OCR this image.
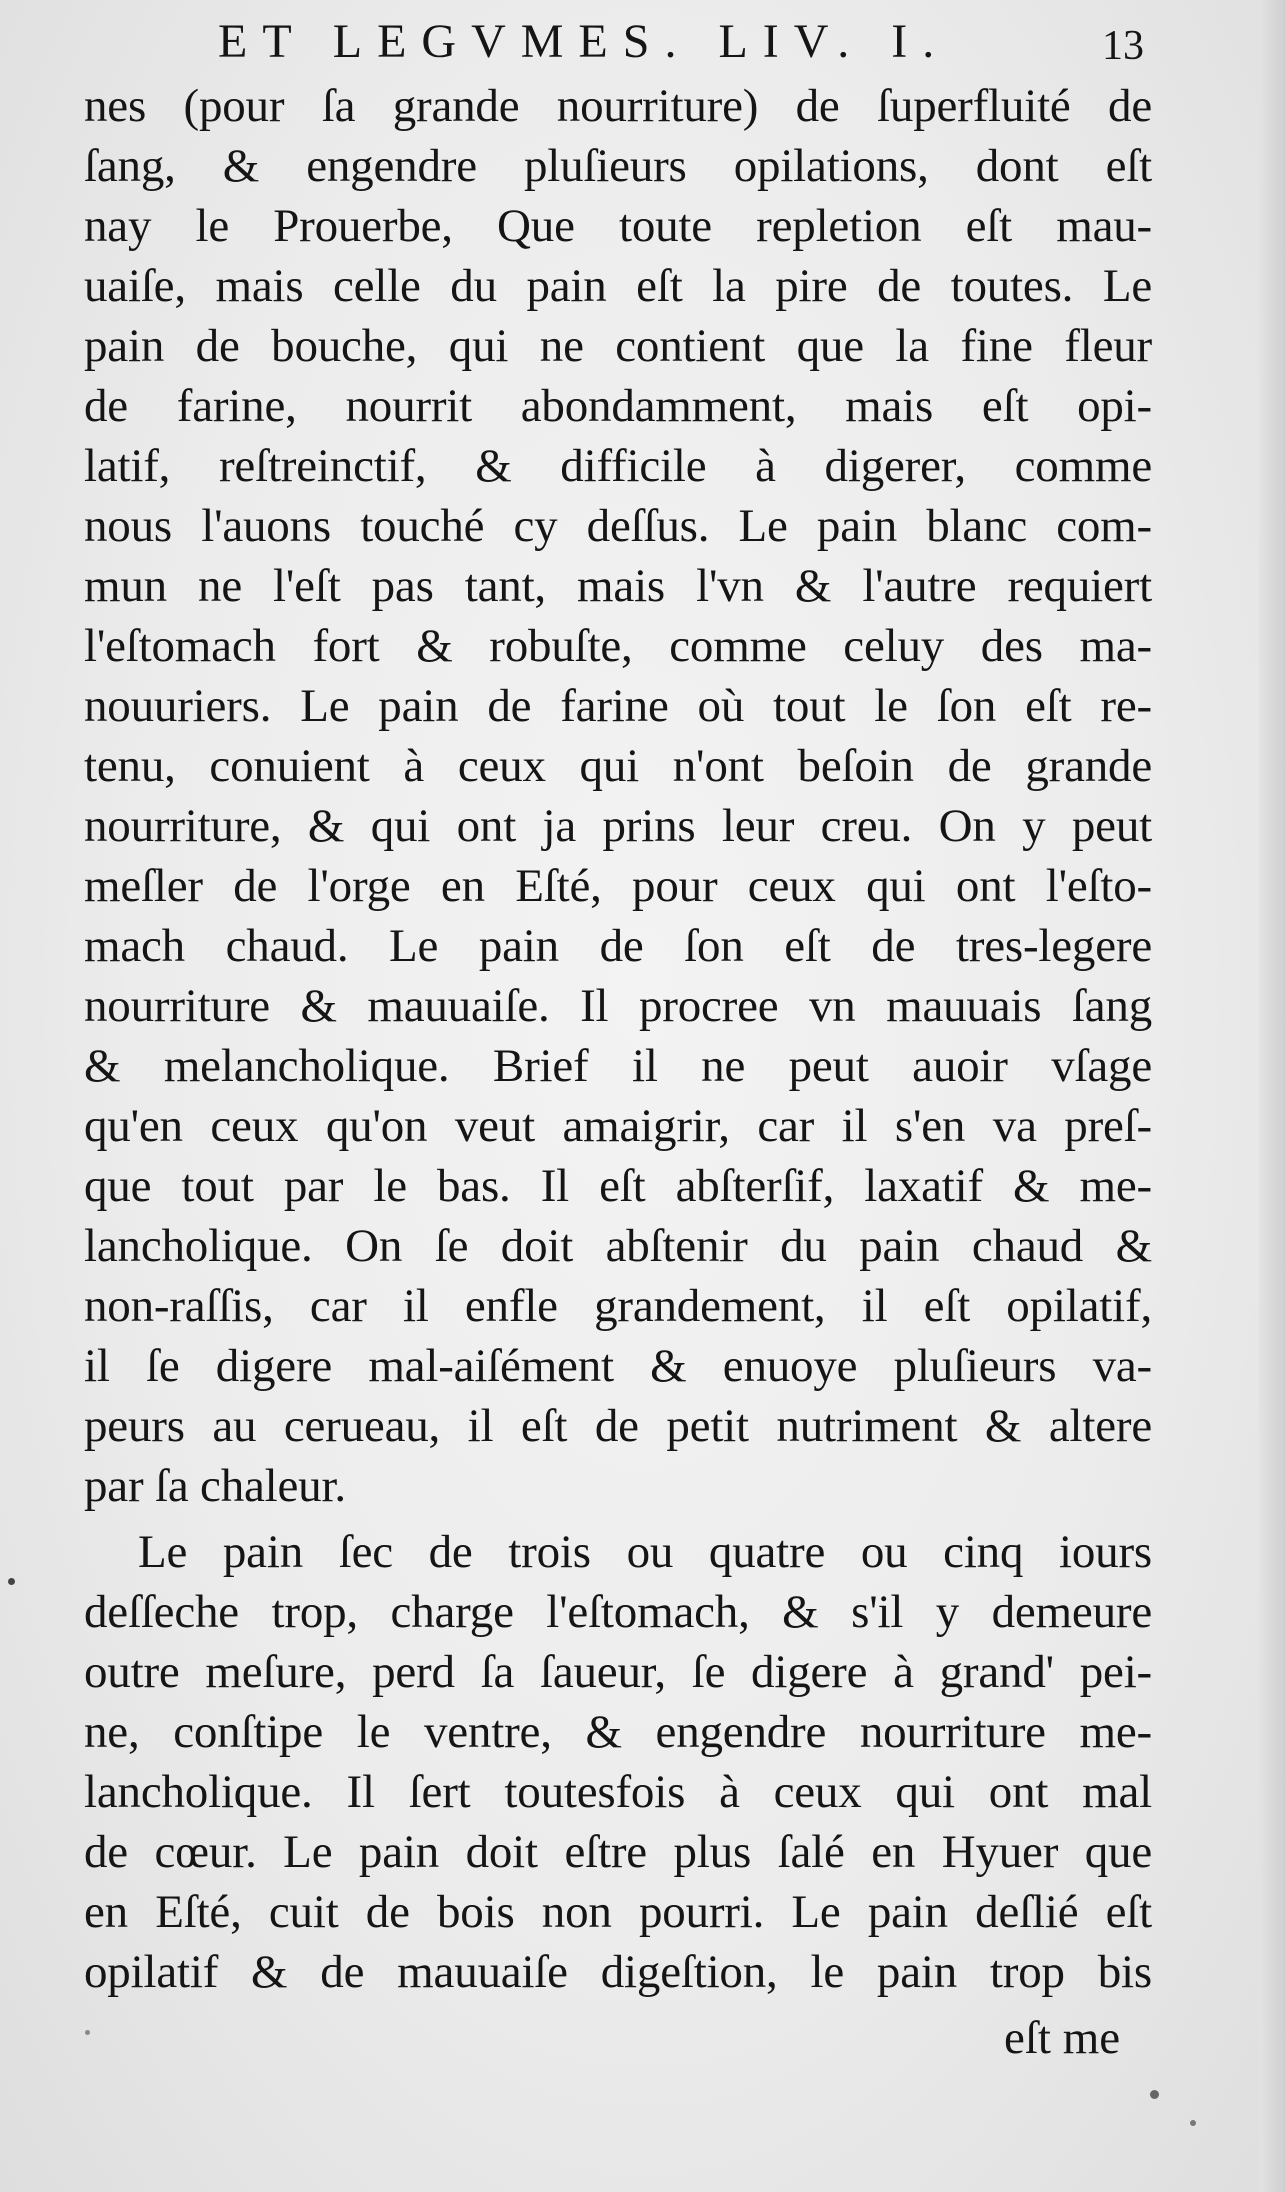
ET LEGVMES. LIV. I.	13
nes (pour ſa grande nourriture) de ſuperfluité de
ſang, & engendre pluſieurs opilations, dont eſt
nay le Prouerbe, Que toute repletion eſt mau-
uaiſe, mais celle du pain eſt la pire de toutes. Le
pain de bouche, qui ne contient que la fine fleur
de farine, nourrit abondamment, mais eſt opi-
latif, reſtreinctif, & difficile à digerer, comme
nous l'auons touché cy deſſus. Le pain blanc com-
mun ne l'eſt pas tant, mais l'vn & l'autre requiert
l'eſtomach fort & robuſte, comme celuy des ma-
nouuriers. Le pain de farine où tout le ſon eſt re-
tenu, conuient à ceux qui n'ont beſoin de grande
nourriture, & qui ont ja prins leur creu. On y peut
meſler de l'orge en Eſté, pour ceux qui ont l'eſto-
mach chaud. Le pain de ſon eſt de tres-legere
nourriture & mauuaiſe. Il procree vn mauuais ſang
& melancholique. Brief il ne peut auoir vſage
qu'en ceux qu'on veut amaigrir, car il s'en va preſ-
que tout par le bas. Il eſt abſterſif, laxatif & me-
lancholique. On ſe doit abſtenir du pain chaud &
non-raſſis, car il enfle grandement, il eſt opilatif,
il ſe digere mal-aiſément & enuoye pluſieurs va-
peurs au cerueau, il eſt de petit nutriment & altere
par ſa chaleur.
Le pain ſec de trois ou quatre ou cinq iours
deſſeche trop, charge l'eſtomach, & s'il y demeure
outre meſure, perd ſa ſaueur, ſe digere à grand' pei-
ne, conſtipe le ventre, & engendre nourriture me-
lancholique. Il ſert toutesfois à ceux qui ont mal
de cœur. Le pain doit eſtre plus ſalé en Hyuer que
en Eſté, cuit de bois non pourri. Le pain deſlié eſt
opilatif & de mauuaiſe digeſtion, le pain trop bis
eſt me
